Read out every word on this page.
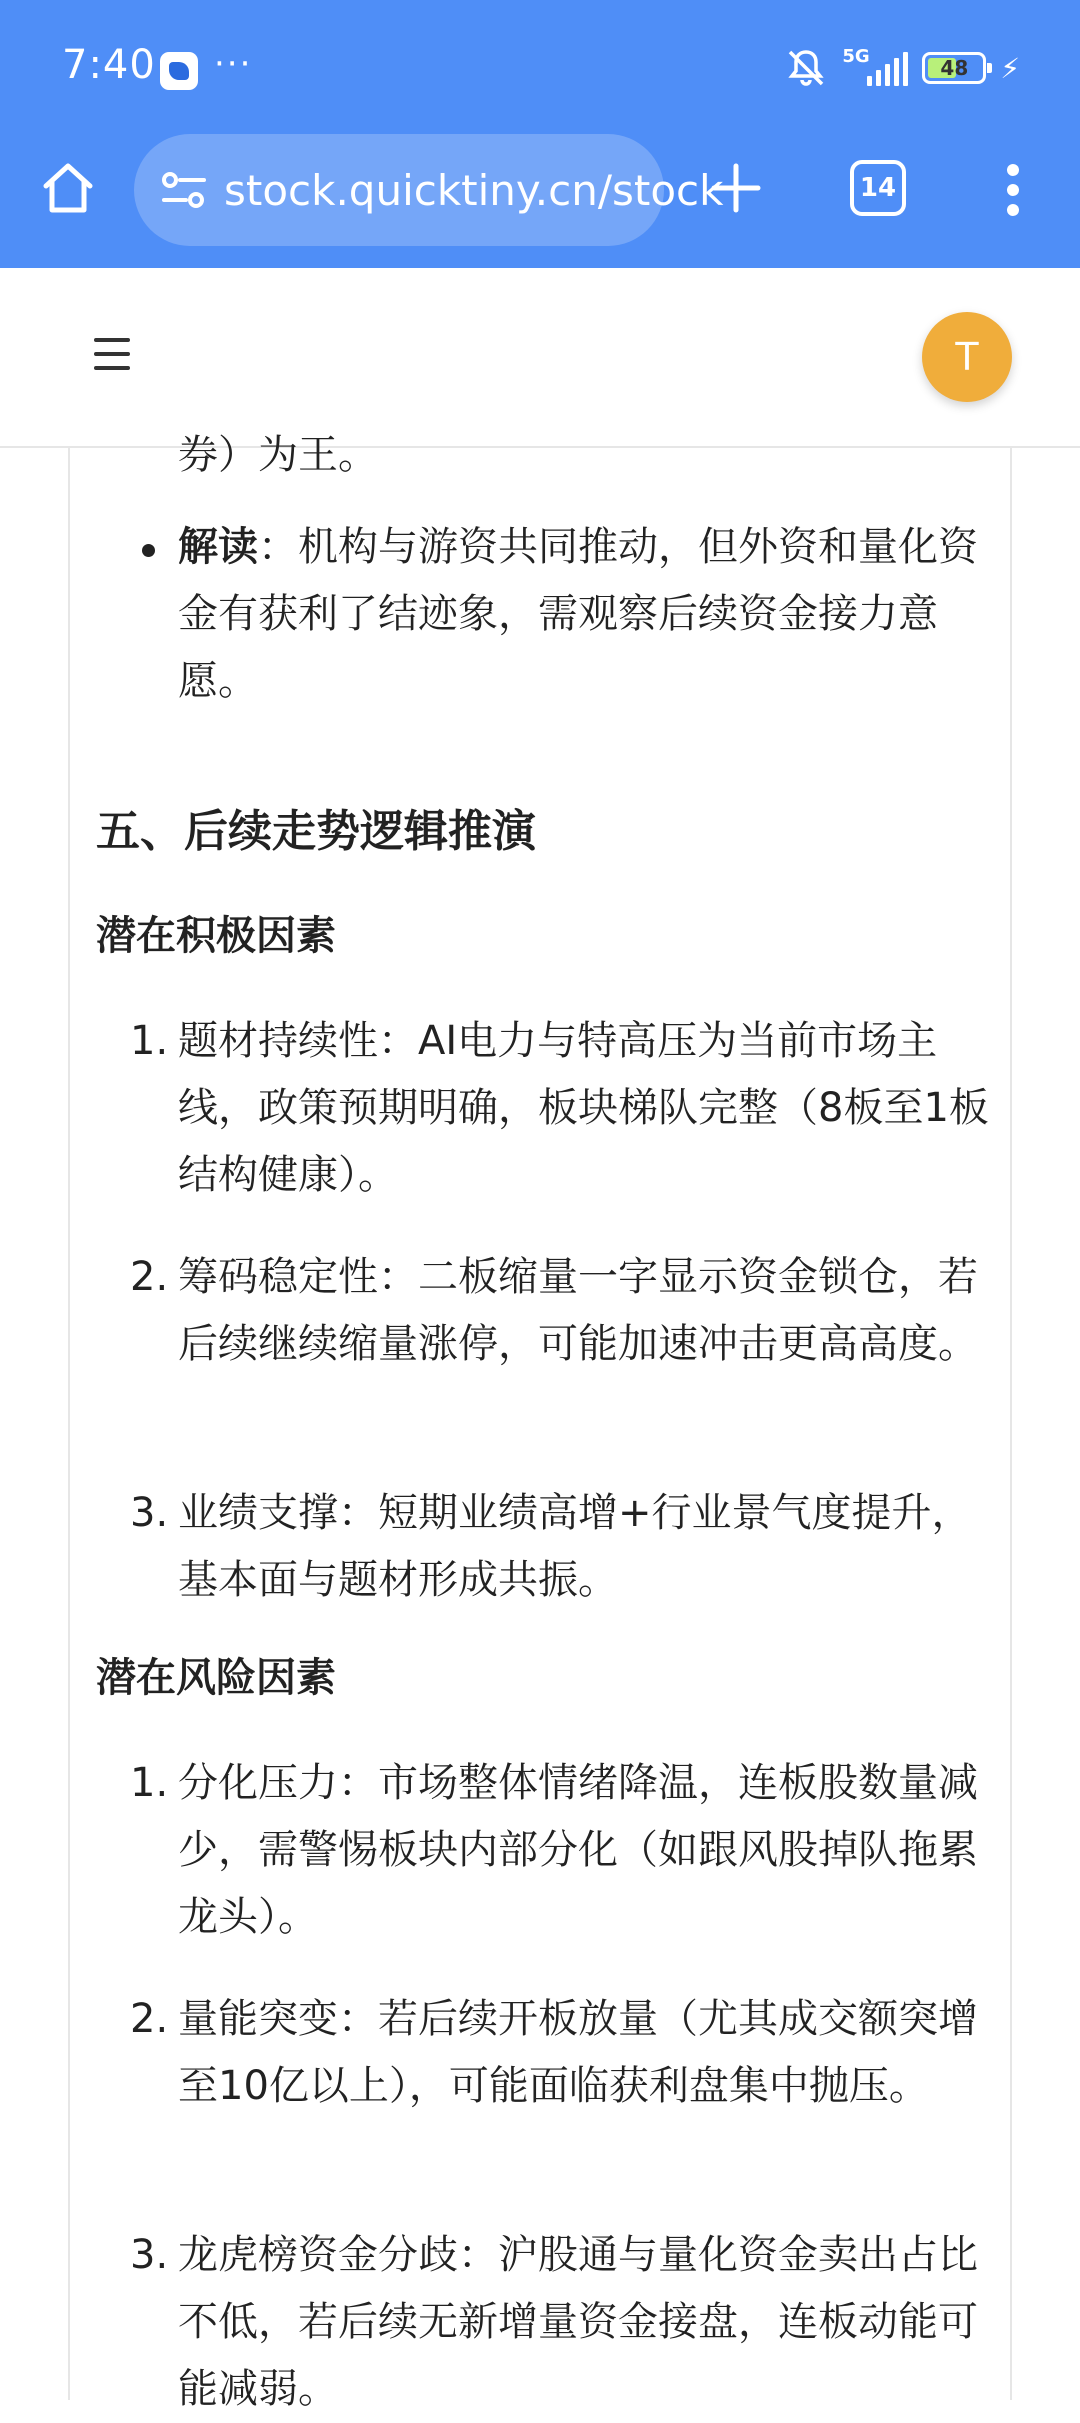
7:40 ···	5G	48 ⚡
stock.quicktiny.cn/stock	14
T
券）为王。
解读：机构与游资共同推动，但外资和量化资金有获利了结迹象，需观察后续资金接力意愿。
五、后续走势逻辑推演
潜在积极因素
1. 题材持续性：AI电力与特高压为当前市场主线，政策预期明确，板块梯队完整（8板至1板结构健康）。
2. 筹码稳定性：二板缩量一字显示资金锁仓，若后续继续缩量涨停，可能加速冲击更高高度。
3. 业绩支撑：短期业绩高增+行业景气度提升，基本面与题材形成共振。
潜在风险因素
1. 分化压力：市场整体情绪降温，连板股数量减少，需警惕板块内部分化（如跟风股掉队拖累龙头）。
2. 量能突变：若后续开板放量（尤其成交额突增至10亿以上），可能面临获利盘集中抛压。
3. 龙虎榜资金分歧：沪股通与量化资金卖出占比不低，若后续无新增量资金接盘，连板动能可能减弱。
